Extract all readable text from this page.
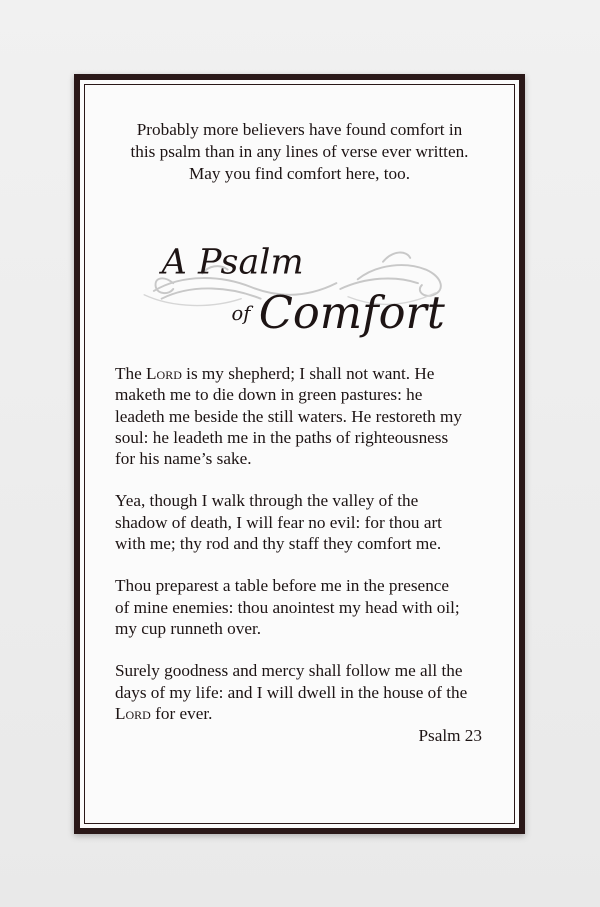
Probably more believers have found comfort in
this psalm than in any lines of verse ever written.
May you find comfort here, too.

A Psalm
of Comfort

The Lord is my shepherd; I shall not want. He
maketh me to die down in green pastures: he
leadeth me beside the still waters. He restoreth my
soul: he leadeth me in the paths of righteousness
for his name’s sake.

Yea, though I walk through the valley of the
shadow of death, I will fear no evil: for thou art
with me; thy rod and thy staff they comfort me.

Thou preparest a table before me in the presence
of mine enemies: thou anointest my head with oil;
my cup runneth over.

Surely goodness and mercy shall follow me all the
days of my life: and I will dwell in the house of the
Lord for ever.

Psalm 23
